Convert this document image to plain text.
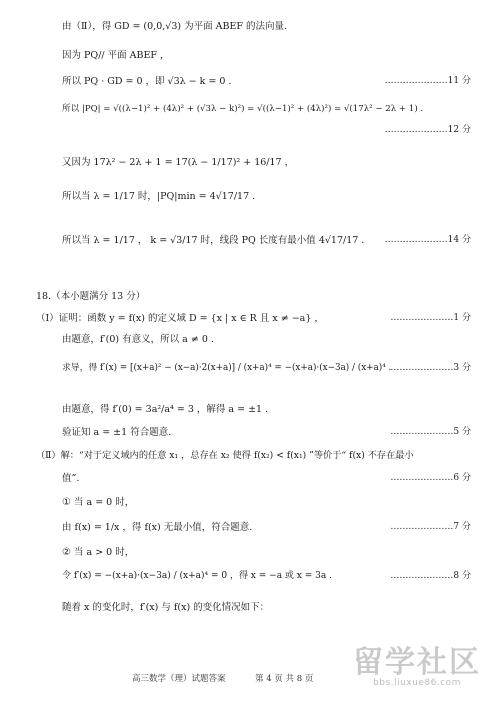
由（Ⅱ），得 GD = (0,0,√3) 为平面 ABEF 的法向量.
因为 PQ// 平面 ABEF ，
所以 PQ · GD = 0 ，即 √3λ − k = 0 .	…………………11 分
所以 |PQ| = √((λ−1)² + (4λ)² + (√3λ − k)²) = √((λ−1)² + (4λ)²) = √(17λ² − 2λ + 1) .
…………………12 分
又因为 17λ² − 2λ + 1 = 17(λ − 1/17)² + 16/17 ，
所以当 λ = 1/17 时，|PQ|min = 4√17/17 .
所以当 λ = 1/17 ， k = √3/17 时，线段 PQ 长度有最小值 4√17/17 . …………………14 分
18.（本小题满分 13 分）
（Ⅰ）证明：函数 y = f(x) 的定义域 D = {x | x ∈ R 且 x ≠ −a} ，	…………………1 分
由题意，f′(0) 有意义，所以 a ≠ 0 .
求导，得 f′(x) = [(x+a)² − (x−a)·2(x+a)] / (x+a)⁴ = −(x+a)·(x−3a) / (x+a)⁴ . …………………3 分
由题意，得 f′(0) = 3a²/a⁴ = 3 ，解得 a = ±1 .
验证知 a = ±1 符合题意.	…………………5 分
（Ⅱ）解：“对于定义域内的任意 x₁ ，总存在 x₂ 使得 f(x₂) < f(x₁) ”等价于“ f(x) 不存在最小
值”.	…………………6 分
① 当 a = 0 时，
由 f(x) = 1/x ，得 f(x) 无最小值，符合题意.	…………………7 分
② 当 a > 0 时，
令 f′(x) = −(x+a)·(x−3a) / (x+a)⁴ = 0 ，得 x = −a 或 x = 3a .	…………………8 分
随着 x 的变化时，f′(x) 与 f(x) 的变化情况如下：
高三数学（理）试题答案	第 4 页 共 8 页 留学社区
bbs.liuxue86.com
